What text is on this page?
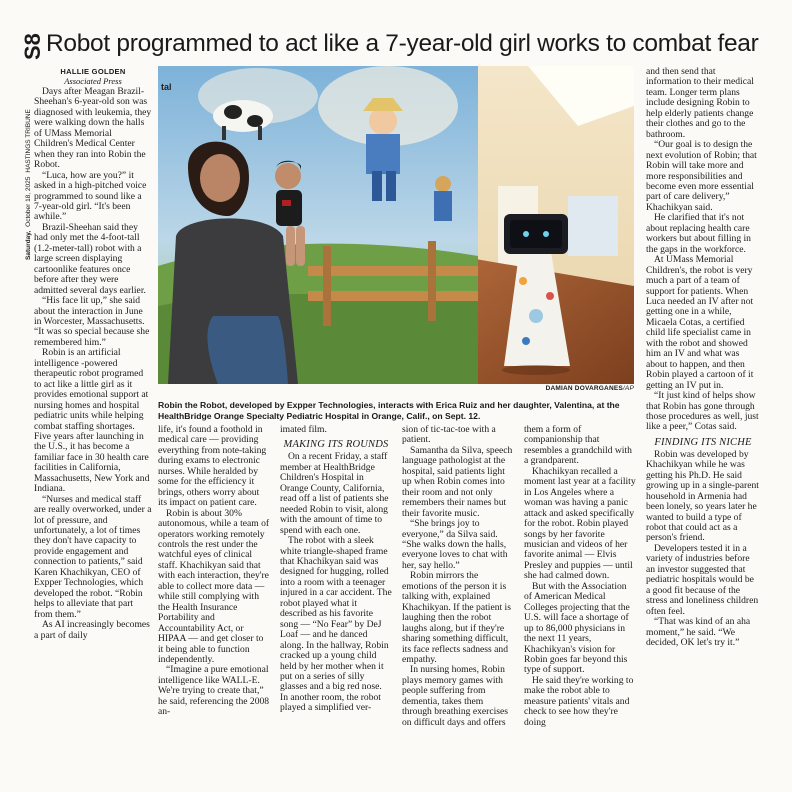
S8 Robot programmed to act like a 7-year-old girl works to combat fear
Saturday,
October 18, 2025
HASTINGS TRIBUNE
HALLIE GOLDEN
Associated Press

Days after Meagan Brazil-Sheehan's 6-year-old son was diagnosed with leukemia, they were walking down the halls of UMass Memorial Children's Medical Center when they ran into Robin the Robot.

“Luca, how are you?” it asked in a high-pitched voice programmed to sound like a 7-year-old girl. “It's been awhile.”

Brazil-Sheehan said they had only met the 4-foot-tall (1.2-meter-tall) robot with a large screen displaying cartoonlike features once before after they were admitted several days earlier.

“His face lit up,” she said about the interaction in June in Worcester, Massachusetts. “It was so special because she remembered him.”

Robin is an artificial intelligence -powered therapeutic robot programed to act like a little girl as it provides emotional support at nursing homes and hospital pediatric units while helping combat staffing shortages. Five years after launching in the U.S., it has become a familiar face in 30 health care facilities in California, Massachusetts, New York and Indiana.

“Nurses and medical staff are really overworked, under a lot of pressure, and unfortunately, a lot of times they don't have capacity to provide engagement and connection to patients,” said Karen Khachikyan, CEO of Expper Technologies, which developed the robot. “Robin helps to alleviate that part from them.”

As AI increasingly becomes a part of daily

tal
DAMIAN DOVARGANES/AP
Robin the Robot, developed by Expper Technologies, interacts with Erica Ruiz and her daughter, Valentina, at the HealthBridge Orange Specialty Pediatric Hospital in Orange, Calif., on Sept. 12.

life, it's found a foothold in medical care — providing everything from note-taking during exams to electronic nurses. While heralded by some for the efficiency it brings, others worry about its impact on patient care.

Robin is about 30% autonomous, while a team of operators working remotely controls the rest under the watchful eyes of clinical staff. Khachikyan said that with each interaction, they're able to collect more data — while still complying with the Health Insurance Portability and Accountability Act, or HIPAA — and get closer to it being able to function independently.

“Imagine a pure emotional intelligence like WALL-E. We're trying to create that,” he said, referencing the 2008 an-

imated film.

MAKING ITS ROUNDS

On a recent Friday, a staff member at HealthBridge Children's Hospital in Orange County, California, read off a list of patients she needed Robin to visit, along with the amount of time to spend with each one.

The robot with a sleek white triangle-shaped frame that Khachikyan said was designed for hugging, rolled into a room with a teenager injured in a car accident. The robot played what it described as his favorite song — “No Fear” by DeJ Loaf — and he danced along. In the hallway, Robin cracked up a young child held by her mother when it put on a series of silly glasses and a big red nose. In another room, the robot played a simplified ver-

sion of tic-tac-toe with a patient.

Samantha da Silva, speech language pathologist at the hospital, said patients light up when Robin comes into their room and not only remembers their names but their favorite music.

“She brings joy to everyone,” da Silva said. “She walks down the halls, everyone loves to chat with her, say hello.”

Robin mirrors the emotions of the person it is talking with, explained Khachikyan. If the patient is laughing then the robot laughs along, but if they're sharing something difficult, its face reflects sadness and empathy.

In nursing homes, Robin plays memory games with people suffering from dementia, takes them through breathing exercises on difficult days and offers

them a form of companionship that resembles a grandchild with a grandparent.

Khachikyan recalled a moment last year at a facility in Los Angeles where a woman was having a panic attack and asked specifically for the robot. Robin played songs by her favorite musician and videos of her favorite animal — Elvis Presley and puppies — until she had calmed down.

But with the Association of American Medical Colleges projecting that the U.S. will face a shortage of up to 86,000 physicians in the next 11 years, Khachikyan's vision for Robin goes far beyond this type of support.

He said they're working to make the robot able to measure patients' vitals and check to see how they're doing

and then send that information to their medical team. Longer term plans include designing Robin to help elderly patients change their clothes and go to the bathroom.

“Our goal is to design the next evolution of Robin; that Robin will take more and more responsibilities and become even more essential part of care delivery,” Khachikyan said.

He clarified that it's not about replacing health care workers but about filling in the gaps in the workforce.

At UMass Memorial Children's, the robot is very much a part of a team of support for patients. When Luca needed an IV after not getting one in a while, Micaela Cotas, a certified child life specialist came in with the robot and showed him an IV and what was about to happen, and then Robin played a cartoon of it getting an IV put in.

“It just kind of helps show that Robin has gone through those procedures as well, just like a peer,” Cotas said.

FINDING ITS NICHE

Robin was developed by Khachikyan while he was getting his Ph.D. He said growing up in a single-parent household in Armenia had been lonely, so years later he wanted to build a type of robot that could act as a person's friend.

Developers tested it in a variety of industries before an investor suggested that pediatric hospitals would be a good fit because of the stress and loneliness children often feel.

“That was kind of an aha moment,” he said. “We decided, OK let's try it.”
